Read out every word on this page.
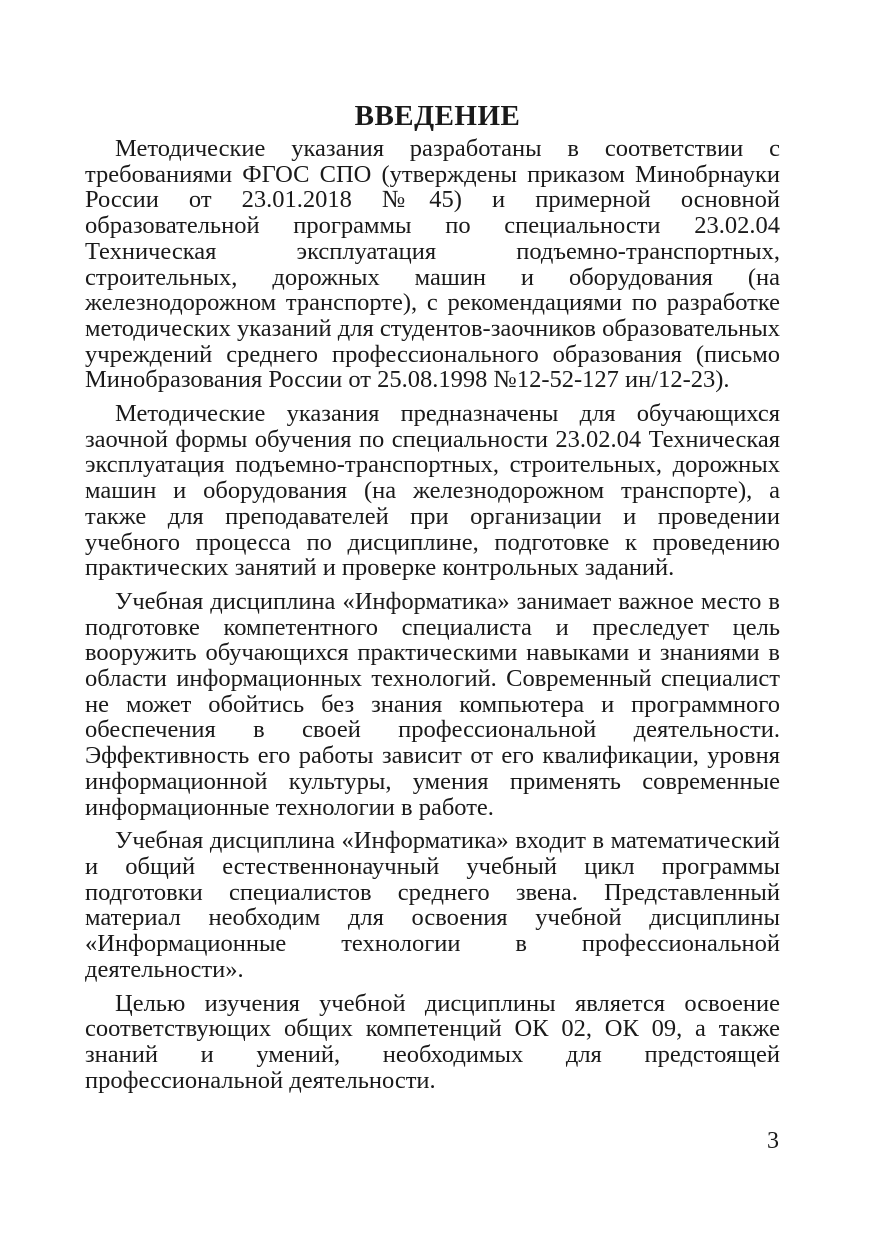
ВВЕДЕНИЕ

Методические указания разработаны в соответствии с требованиями ФГОС СПО (утверждены приказом Минобрнауки России от 23.01.2018 №45) и примерной основной образовательной программы по специальности 23.02.04 Техническая эксплуатация подъемно-транспортных, строительных, дорожных машин и оборудования (на железнодорожном транспорте), с рекомендациями по разработке методических указаний для студентов-заочников образовательных учреждений среднего профессионального образования (письмо Минобразования России от 25.08.1998 №12-52-127 ин/12-23).

Методические указания предназначены для обучающихся заочной формы обучения по специальности 23.02.04 Техническая эксплуатация подъемно-транспортных, строительных, дорожных машин и оборудования (на железнодорожном транспорте), а также для преподавателей при организации и проведении учебного процесса по дисциплине, подготовке к проведению практических занятий и проверке контрольных заданий.

Учебная дисциплина «Информатика» занимает важное место в подготовке компетентного специалиста и преследует цель вооружить обучающихся практическими навыками и знаниями в области информационных технологий. Современный специалист не может обойтись без знания компьютера и программного обеспечения в своей профессиональной деятельности. Эффективность его работы зависит от его квалификации, уровня информационной культуры, умения применять современные информационные технологии в работе.

Учебная дисциплина «Информатика» входит в математический и общий естественнонаучный учебный цикл программы подготовки специалистов среднего звена. Представленный материал необходим для освоения учебной дисциплины «Информационные технологии в профессиональной деятельности».

Целью изучения учебной дисциплины является освоение соответствующих общих компетенций ОК 02, ОК 09, а также знаний и умений, необходимых для предстоящей профессиональной деятельности.

3
